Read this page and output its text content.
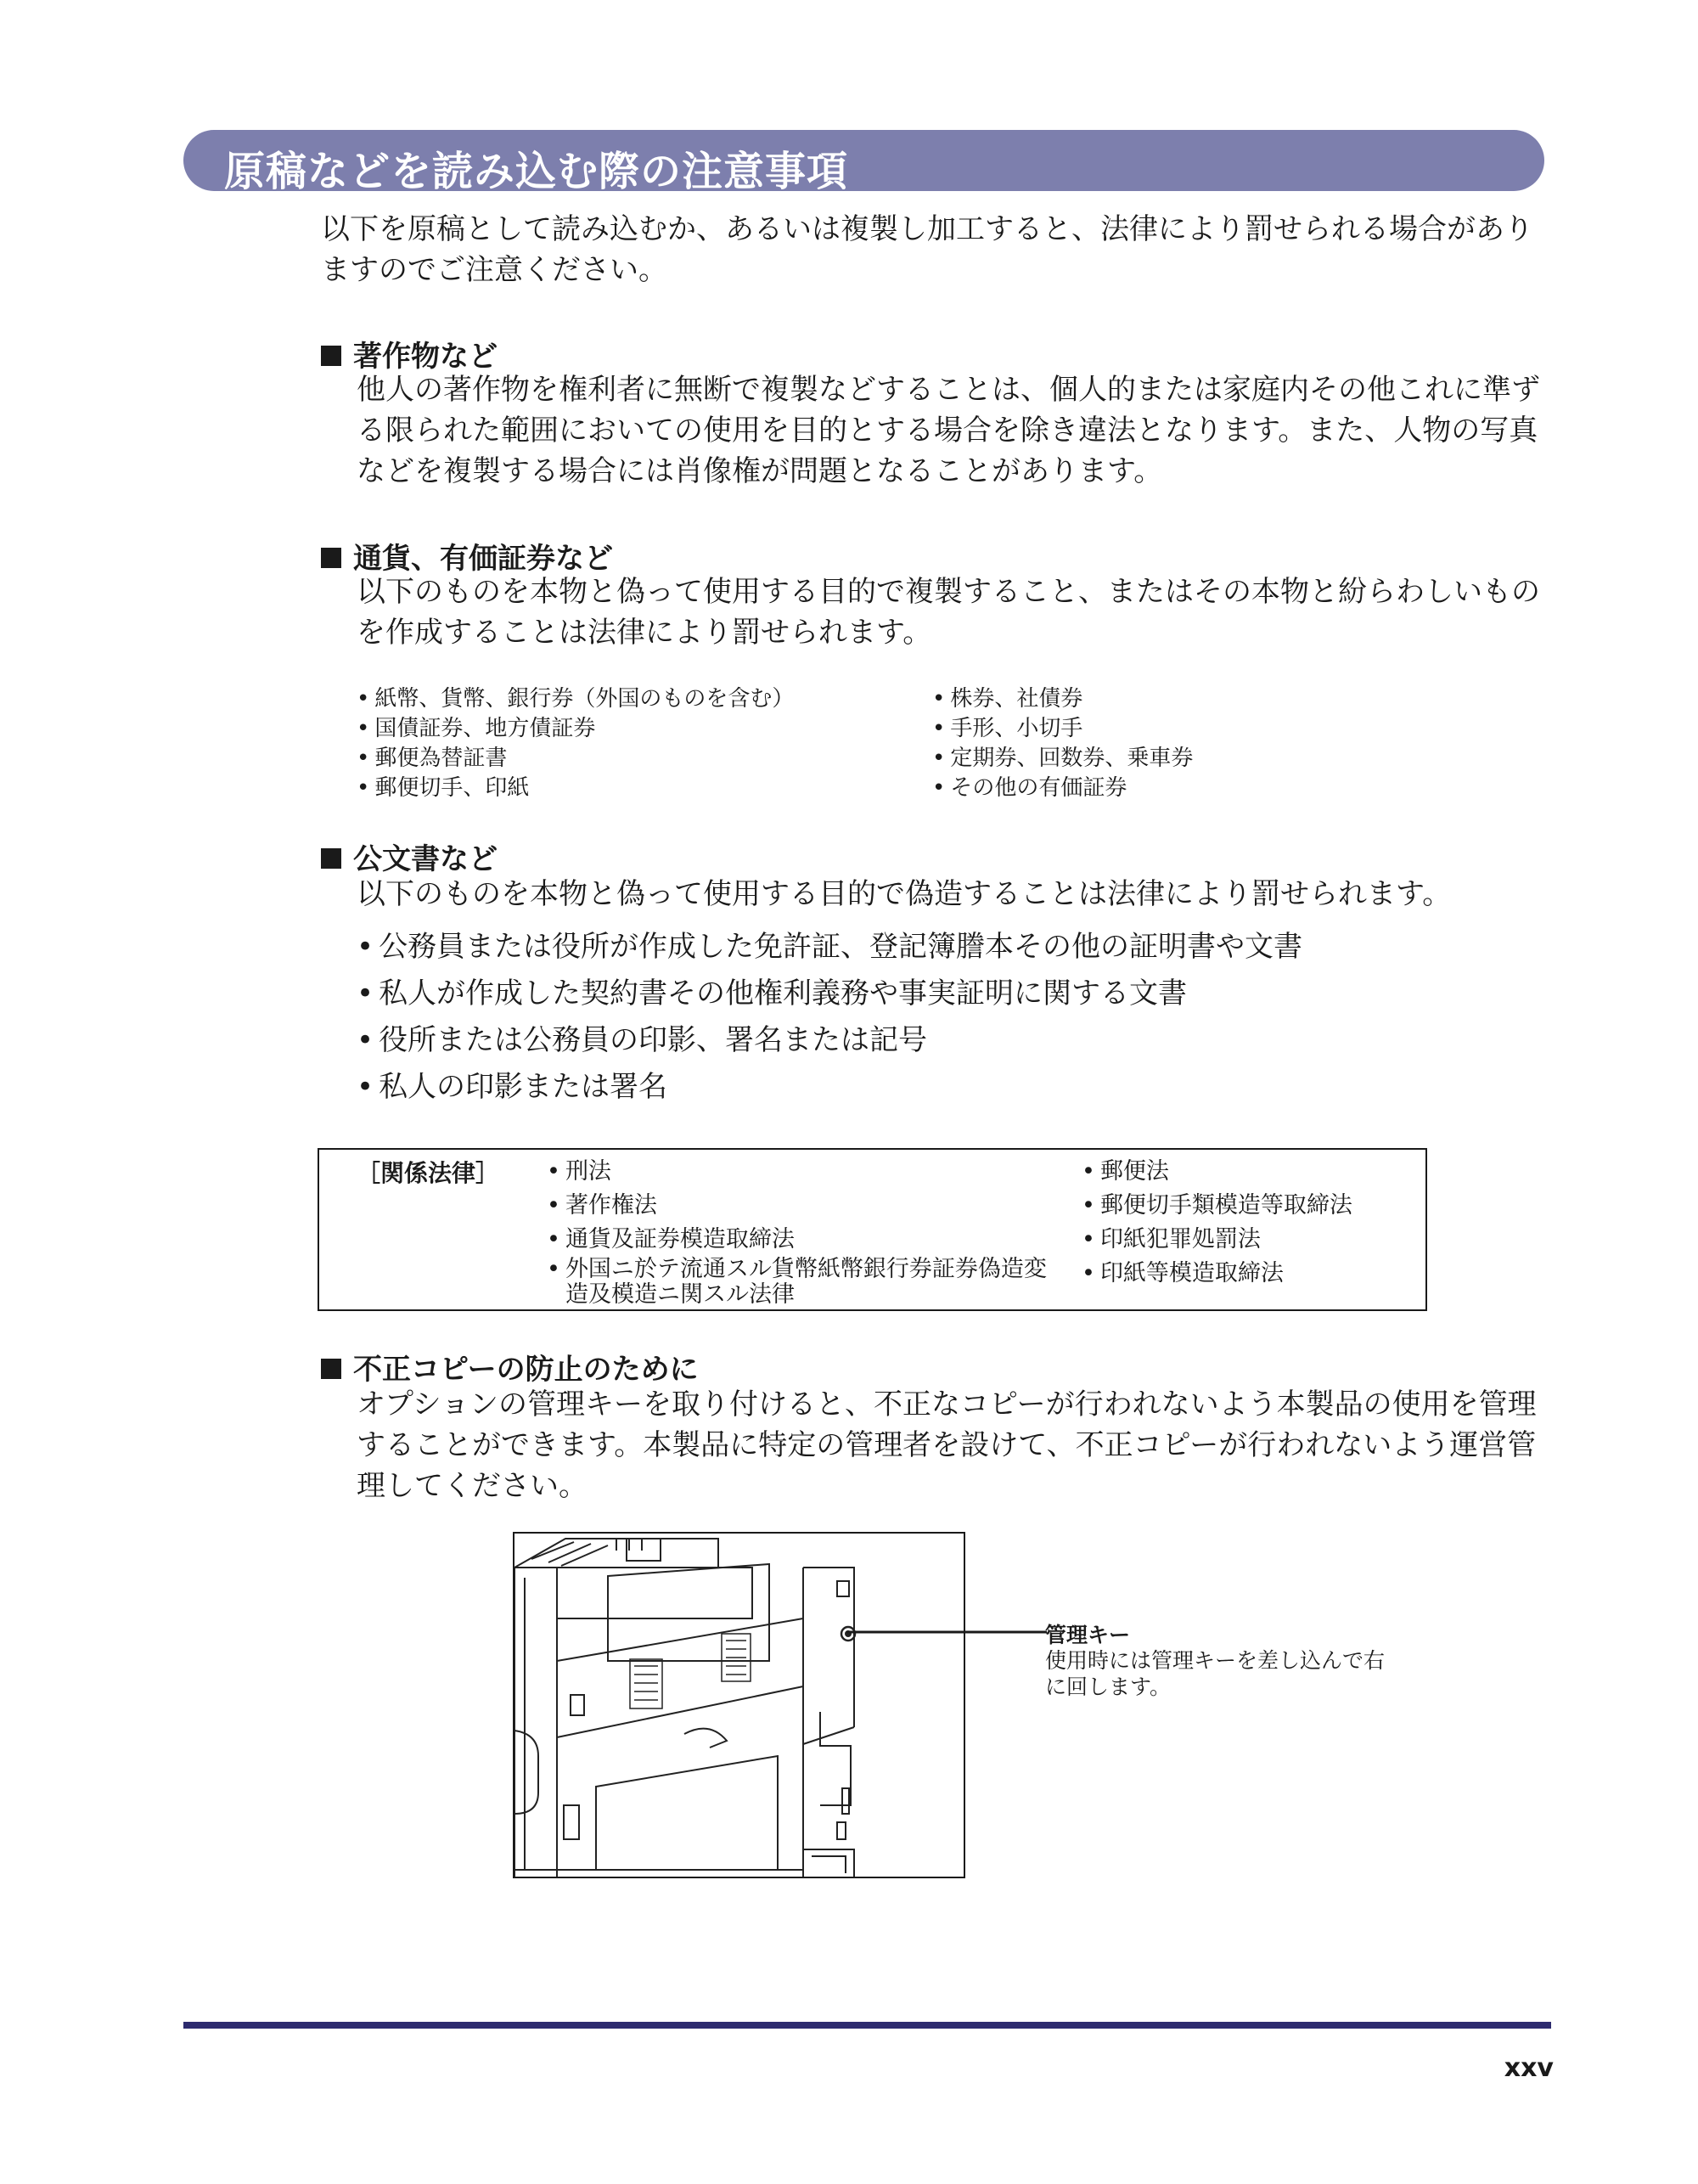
原稿などを読み込む際の注意事項
以下を原稿として読み込むか、あるいは複製し加工すると、法律により罰せられる場合がありますのでご注意ください。
著作物など
他人の著作物を権利者に無断で複製などすることは、個人的または家庭内その他これに準ずる限られた範囲においての使用を目的とする場合を除き違法となります。また、人物の写真などを複製する場合には肖像権が問題となることがあります。
通貨、有価証券など
以下のものを本物と偽って使用する目的で複製すること、またはその本物と紛らわしいものを作成することは法律により罰せられます。
• 紙幣、貨幣、銀行券（外国のものを含む）
• 国債証券、地方債証券
• 郵便為替証書
• 郵便切手、印紙
• 株券、社債券
• 手形、小切手
• 定期券、回数券、乗車券
• その他の有価証券
公文書など
以下のものを本物と偽って使用する目的で偽造することは法律により罰せられます。
• 公務員または役所が作成した免許証、登記簿謄本その他の証明書や文書
• 私人が作成した契約書その他権利義務や事実証明に関する文書
• 役所または公務員の印影、署名または記号
• 私人の印影または署名
［関係法律］
•	刑法
• 著作権法
• 通貨及証券模造取締法
• 外国ニ於テ流通スル貨幣紙幣銀行券証券偽造変造及模造ニ関スル法律
• 郵便法
• 郵便切手類模造等取締法
• 印紙犯罪処罰法
• 印紙等模造取締法
不正コピーの防止のために
オプションの管理キーを取り付けると、不正なコピーが行われないよう本製品の使用を管理することができます。本製品に特定の管理者を設けて、不正コピーが行われないよう運営管理してください。
管理キー
使用時には管理キーを差し込んで右に回します。
xxv
